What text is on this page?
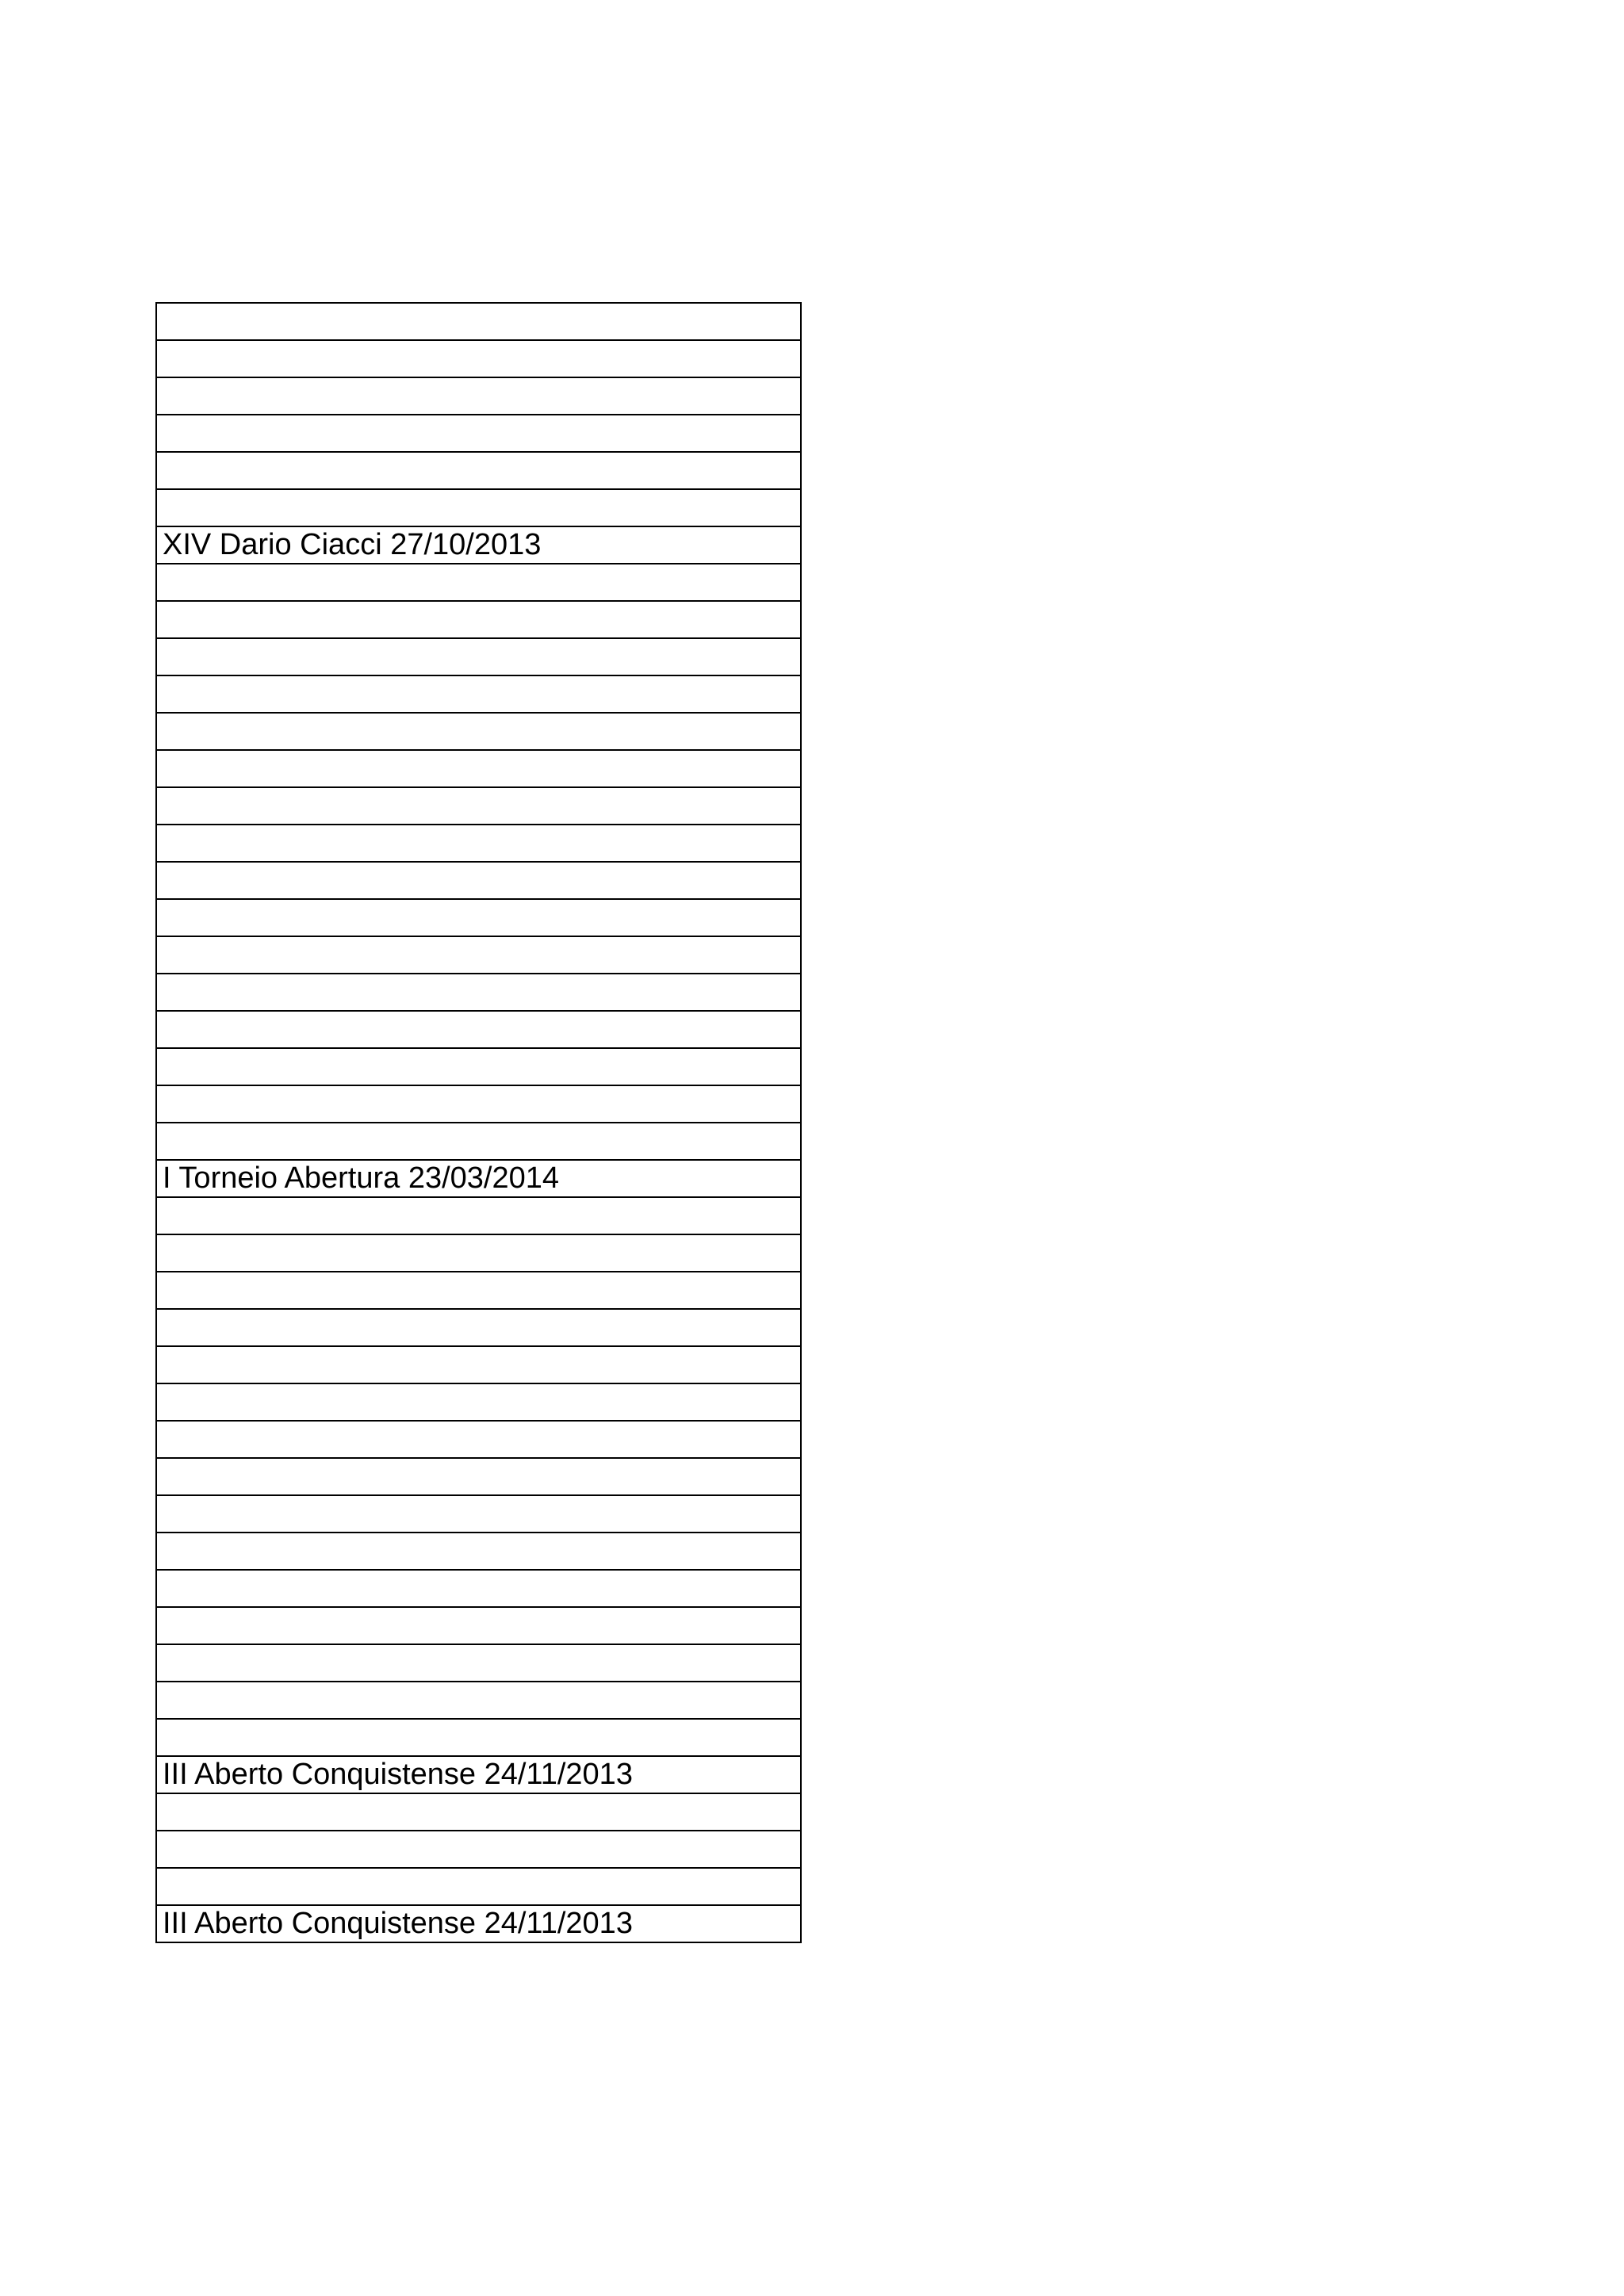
XIV Dario Ciacci 27/10/2013

I Torneio Abertura 23/03/2014

III Aberto Conquistense 24/11/2013

III Aberto Conquistense 24/11/2013
